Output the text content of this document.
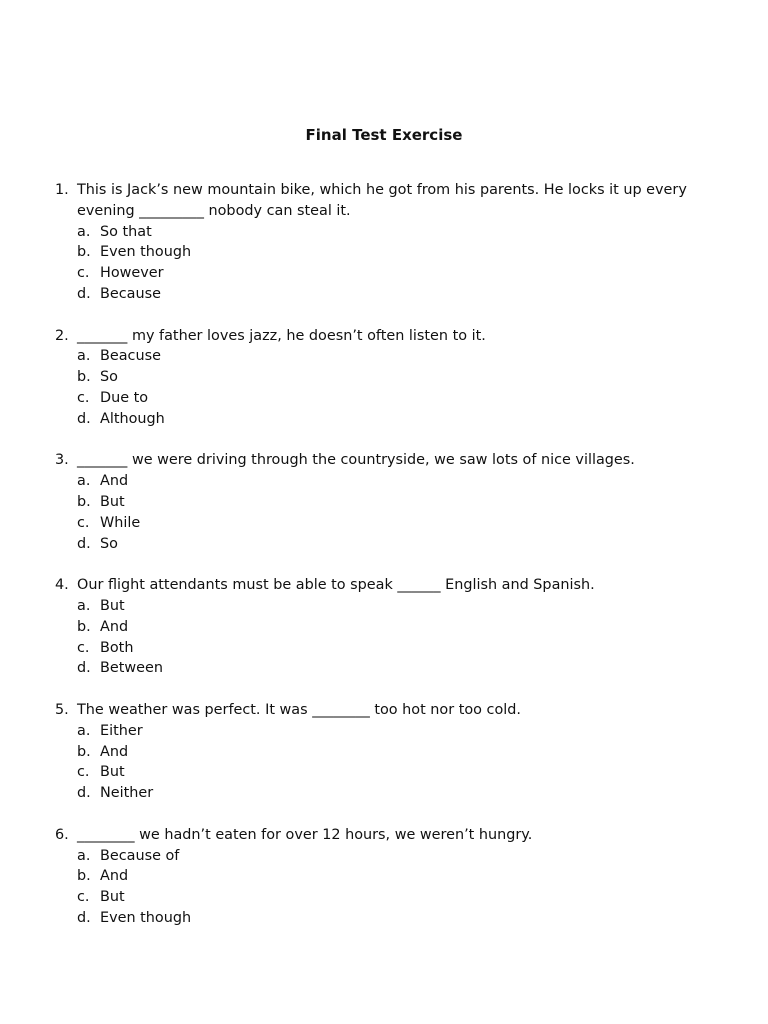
Final Test Exercise
1. This is Jack’s new mountain bike, which he got from his parents. He locks it up every evening _________ nobody can steal it.
a. So that
b. Even though
c. However
d. Because
2. _______ my father loves jazz, he doesn’t often listen to it.
a. Beacuse
b. So
c. Due to
d. Although
3. _______ we were driving through the countryside, we saw lots of nice villages.
a. And
b. But
c. While
d. So
4. Our flight attendants must be able to speak ______ English and Spanish.
a. But
b. And
c. Both
d. Between
5. The weather was perfect. It was ________ too hot nor too cold.
a. Either
b. And
c. But
d. Neither
6. ________ we hadn’t eaten for over 12 hours, we weren’t hungry.
a. Because of
b. And
c. But
d. Even though
